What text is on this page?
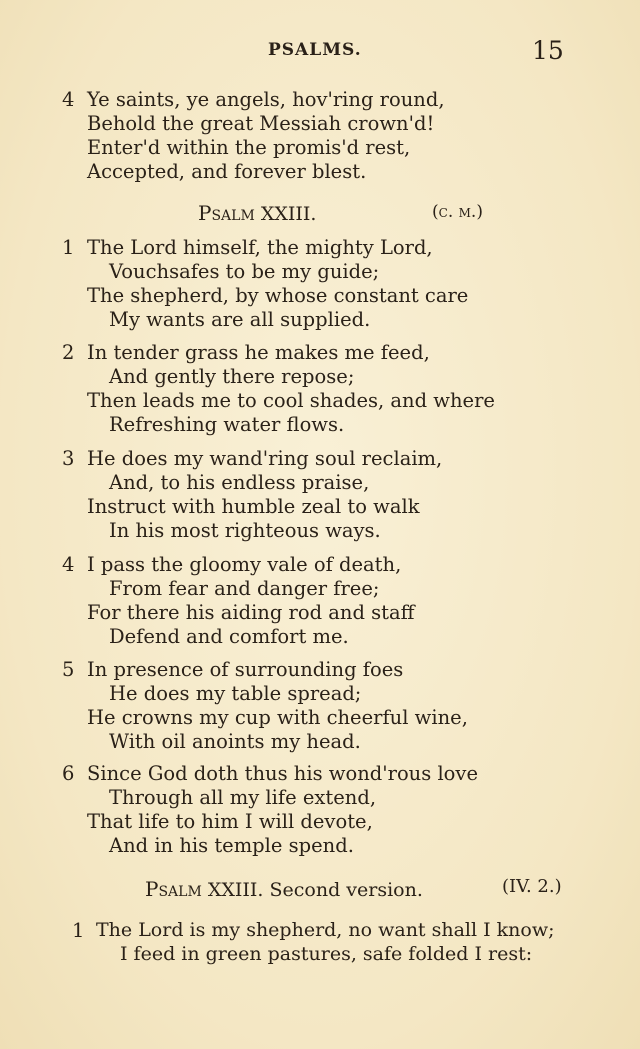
PSALMS.	15
4 Ye saints, ye angels, hov'ring round,
Behold the great Messiah crown'd!
Enter'd within the promis'd rest,
Accepted, and forever blest.
Psalm XXIII.	(c. m.)
1 The Lord himself, the mighty Lord,
Vouchsafes to be my guide;
The shepherd, by whose constant care
My wants are all supplied.
2 In tender grass he makes me feed,
And gently there repose;
Then leads me to cool shades, and where
Refreshing water flows.
3 He does my wand'ring soul reclaim,
And, to his endless praise,
Instruct with humble zeal to walk
In his most righteous ways.
4 I pass the gloomy vale of death,
From fear and danger free;
For there his aiding rod and staff
Defend and comfort me.
5 In presence of surrounding foes
He does my table spread;
He crowns my cup with cheerful wine,
With oil anoints my head.
6 Since God doth thus his wond'rous love
Through all my life extend,
That life to him I will devote,
And in his temple spend.
Psalm XXIII. Second version.	(IV. 2.)
1 The Lord is my shepherd, no want shall I know;
I feed in green pastures, safe folded I rest:
